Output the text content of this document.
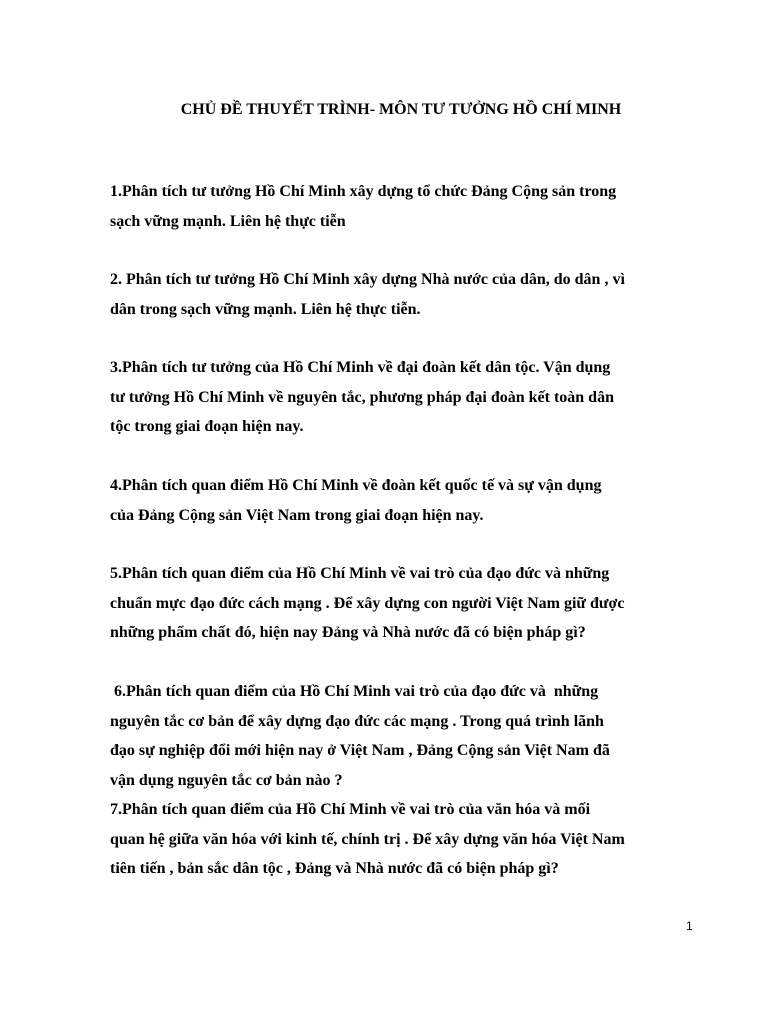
CHỦ ĐỀ THUYẾT TRÌNH- MÔN TƯ TƯỞNG HỒ CHÍ MINH

1.Phân tích tư tưởng Hồ Chí Minh xây dựng tổ chức Đảng Cộng sản trong
sạch vững mạnh. Liên hệ thực tiễn

2. Phân tích tư tưởng Hồ Chí Minh xây dựng Nhà nước của dân, do dân , vì
dân trong sạch vững mạnh. Liên hệ thực tiễn.

3.Phân tích tư tưởng của Hồ Chí Minh về đại đoàn kết dân tộc. Vận dụng
tư tưởng Hồ Chí Minh về nguyên tắc, phương pháp đại đoàn kết toàn dân
tộc trong giai đoạn hiện nay.

4.Phân tích quan điểm Hồ Chí Minh về đoàn kết quốc tế và sự vận dụng
của Đảng Cộng sản Việt Nam trong giai đoạn hiện nay.

5.Phân tích quan điểm của Hồ Chí Minh về vai trò của đạo đức và những
chuẩn mực đạo đức cách mạng . Để xây dựng con người Việt Nam giữ được
những phẩm chất đó, hiện nay Đảng và Nhà nước đã có biện pháp gì?

6.Phân tích quan điểm của Hồ Chí Minh vai trò của đạo đức và  những
nguyên tắc cơ bản để xây dựng đạo đức các mạng . Trong quá trình lãnh
đạo sự nghiệp đổi mới hiện nay ở Việt Nam , Đảng Cộng sản Việt Nam đã
vận dụng nguyên tắc cơ bản nào ?

7.Phân tích quan điểm của Hồ Chí Minh về vai trò của văn hóa và mối
quan hệ giữa văn hóa với kinh tế, chính trị . Để xây dựng văn hóa Việt Nam
tiên tiến , bản sắc dân tộc , Đảng và Nhà nước đã có biện pháp gì?

1
